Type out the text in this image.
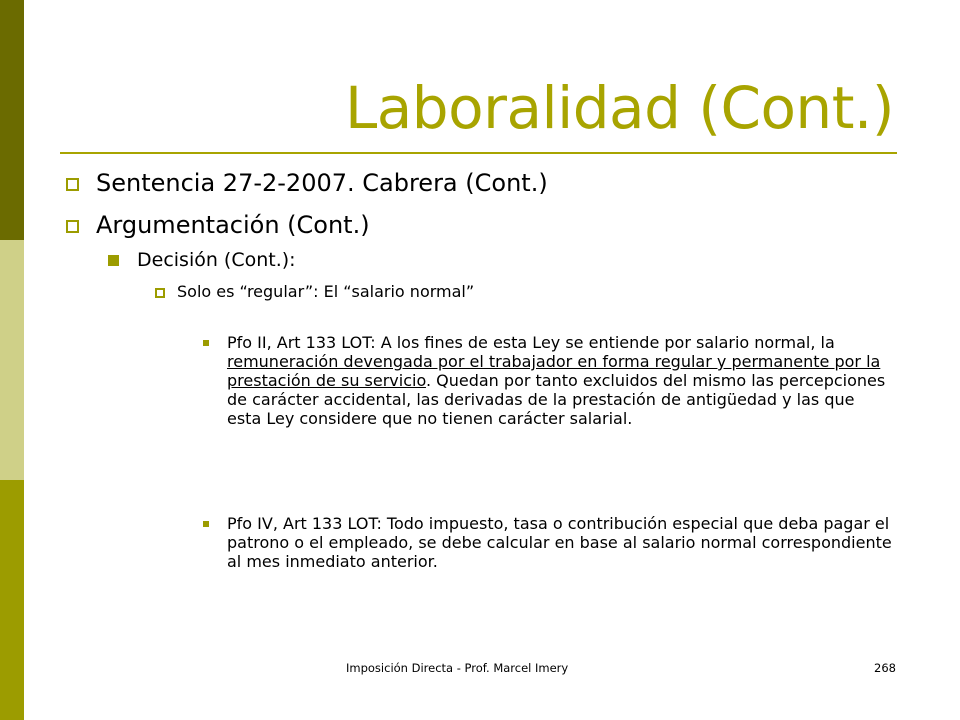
Laboralidad (Cont.)
Sentencia 27-2-2007. Cabrera (Cont.)
Argumentación (Cont.)
Decisión (Cont.):
Solo es “regular”: El “salario normal”
Pfo II, Art 133 LOT: A los fines de esta Ley se entiende por salario normal, la remuneración devengada por el trabajador en forma regular y permanente por la prestación de su servicio. Quedan por tanto excluidos del mismo las percepciones de carácter accidental, las derivadas de la prestación de antigüedad y las que esta Ley considere que no tienen carácter salarial.
Pfo IV, Art 133 LOT: Todo impuesto, tasa o contribución especial que deba pagar el patrono o el empleado, se debe calcular en base al salario normal correspondiente al mes inmediato anterior.
Imposición Directa - Prof. Marcel Imery	268
